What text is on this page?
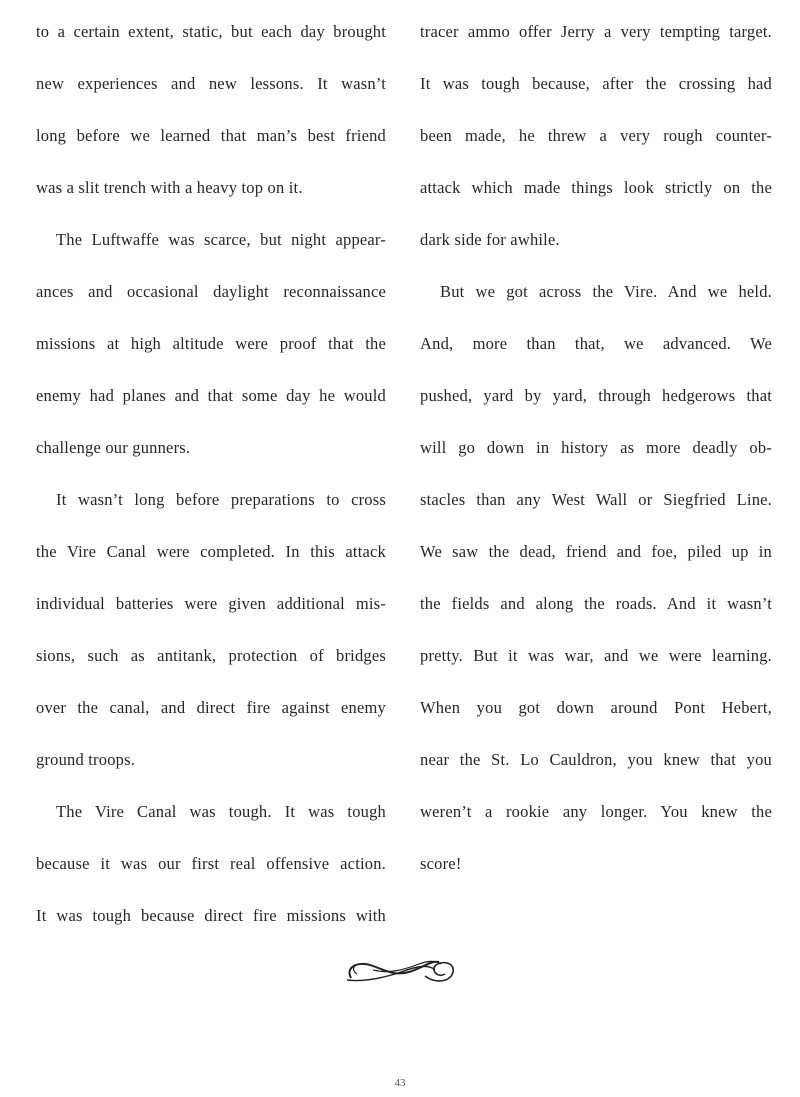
to a certain extent, static, but each day brought
new experiences and new lessons. It wasn’t
long before we learned that man’s best friend
was a slit trench with a heavy top on it.
The Luftwaffe was scarce, but night appear-
ances and occasional daylight reconnaissance
missions at high altitude were proof that the
enemy had planes and that some day he would
challenge our gunners.
It wasn’t long before preparations to cross
the Vire Canal were completed. In this attack
individual batteries were given additional mis-
sions, such as antitank, protection of bridges
over the canal, and direct fire against enemy
ground troops.
The Vire Canal was tough. It was tough
because it was our first real offensive action.
It was tough because direct fire missions with
tracer ammo offer Jerry a very tempting target.
It was tough because, after the crossing had
been made, he threw a very rough counter-
attack which made things look strictly on the
dark side for awhile.
But we got across the Vire. And we held.
And, more than that, we advanced. We
pushed, yard by yard, through hedgerows that
will go down in history as more deadly ob-
stacles than any West Wall or Siegfried Line.
We saw the dead, friend and foe, piled up in
the fields and along the roads. And it wasn’t
pretty. But it was war, and we were learning.
When you got down around Pont Hebert,
near the St. Lo Cauldron, you knew that you
weren’t a rookie any longer. You knew the
score!
43
